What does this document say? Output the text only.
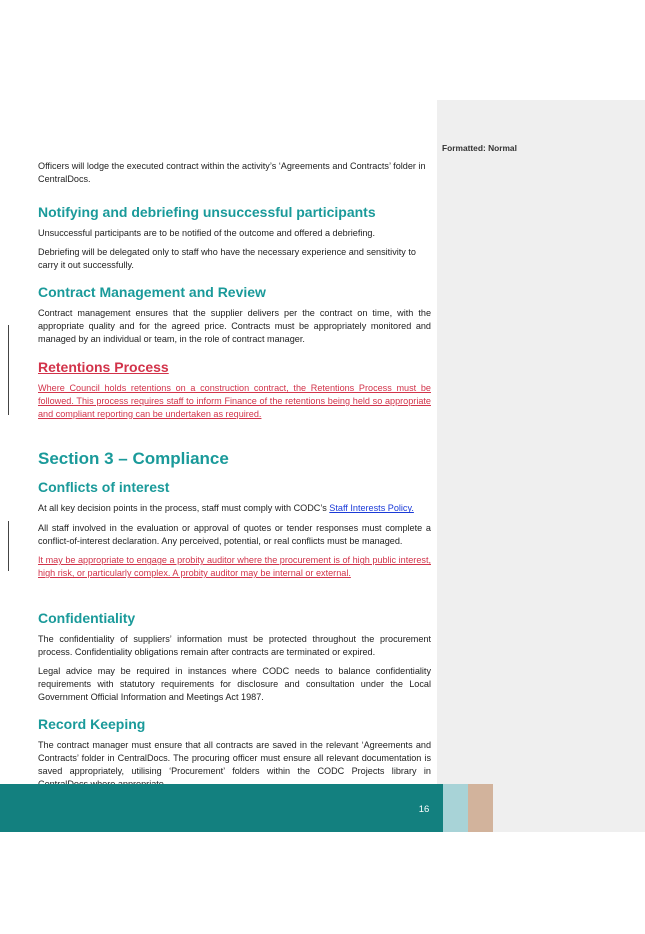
Formatted: Normal

Officers will lodge the executed contract within the activity’s ‘Agreements and Contracts’ folder in CentralDocs.

Notifying and debriefing unsuccessful participants

Unsuccessful participants are to be notified of the outcome and offered a debriefing.

Debriefing will be delegated only to staff who have the necessary experience and sensitivity to carry it out successfully.

Contract Management and Review

Contract management ensures that the supplier delivers per the contract on time, with the appropriate quality and for the agreed price. Contracts must be appropriately monitored and managed by an individual or team, in the role of contract manager.

Retentions Process

Where Council holds retentions on a construction contract, the Retentions Process must be followed. This process requires staff to inform Finance of the retentions being held so appropriate and compliant reporting can be undertaken as required.

Section 3 – Compliance
Conflicts of interest

At all key decision points in the process, staff must comply with CODC’s Staff Interests Policy.

All staff involved in the evaluation or approval of quotes or tender responses must complete a conflict-of-interest declaration. Any perceived, potential, or real conflicts must be managed.

It may be appropriate to engage a probity auditor where the procurement is of high public interest, high risk, or particularly complex. A probity auditor may be internal or external.

Confidentiality

The confidentiality of suppliers’ information must be protected throughout the procurement process. Confidentiality obligations remain after contracts are terminated or expired.

Legal advice may be required in instances where CODC needs to balance confidentiality requirements with statutory requirements for disclosure and consultation under the Local Government Official Information and Meetings Act 1987.

Record Keeping

The contract manager must ensure that all contracts are saved in the relevant ‘Agreements and Contracts’ folder in CentralDocs. The procuring officer must ensure all relevant documentation is saved appropriately, utilising ‘Procurement’ folders within the CODC Projects library in

16
